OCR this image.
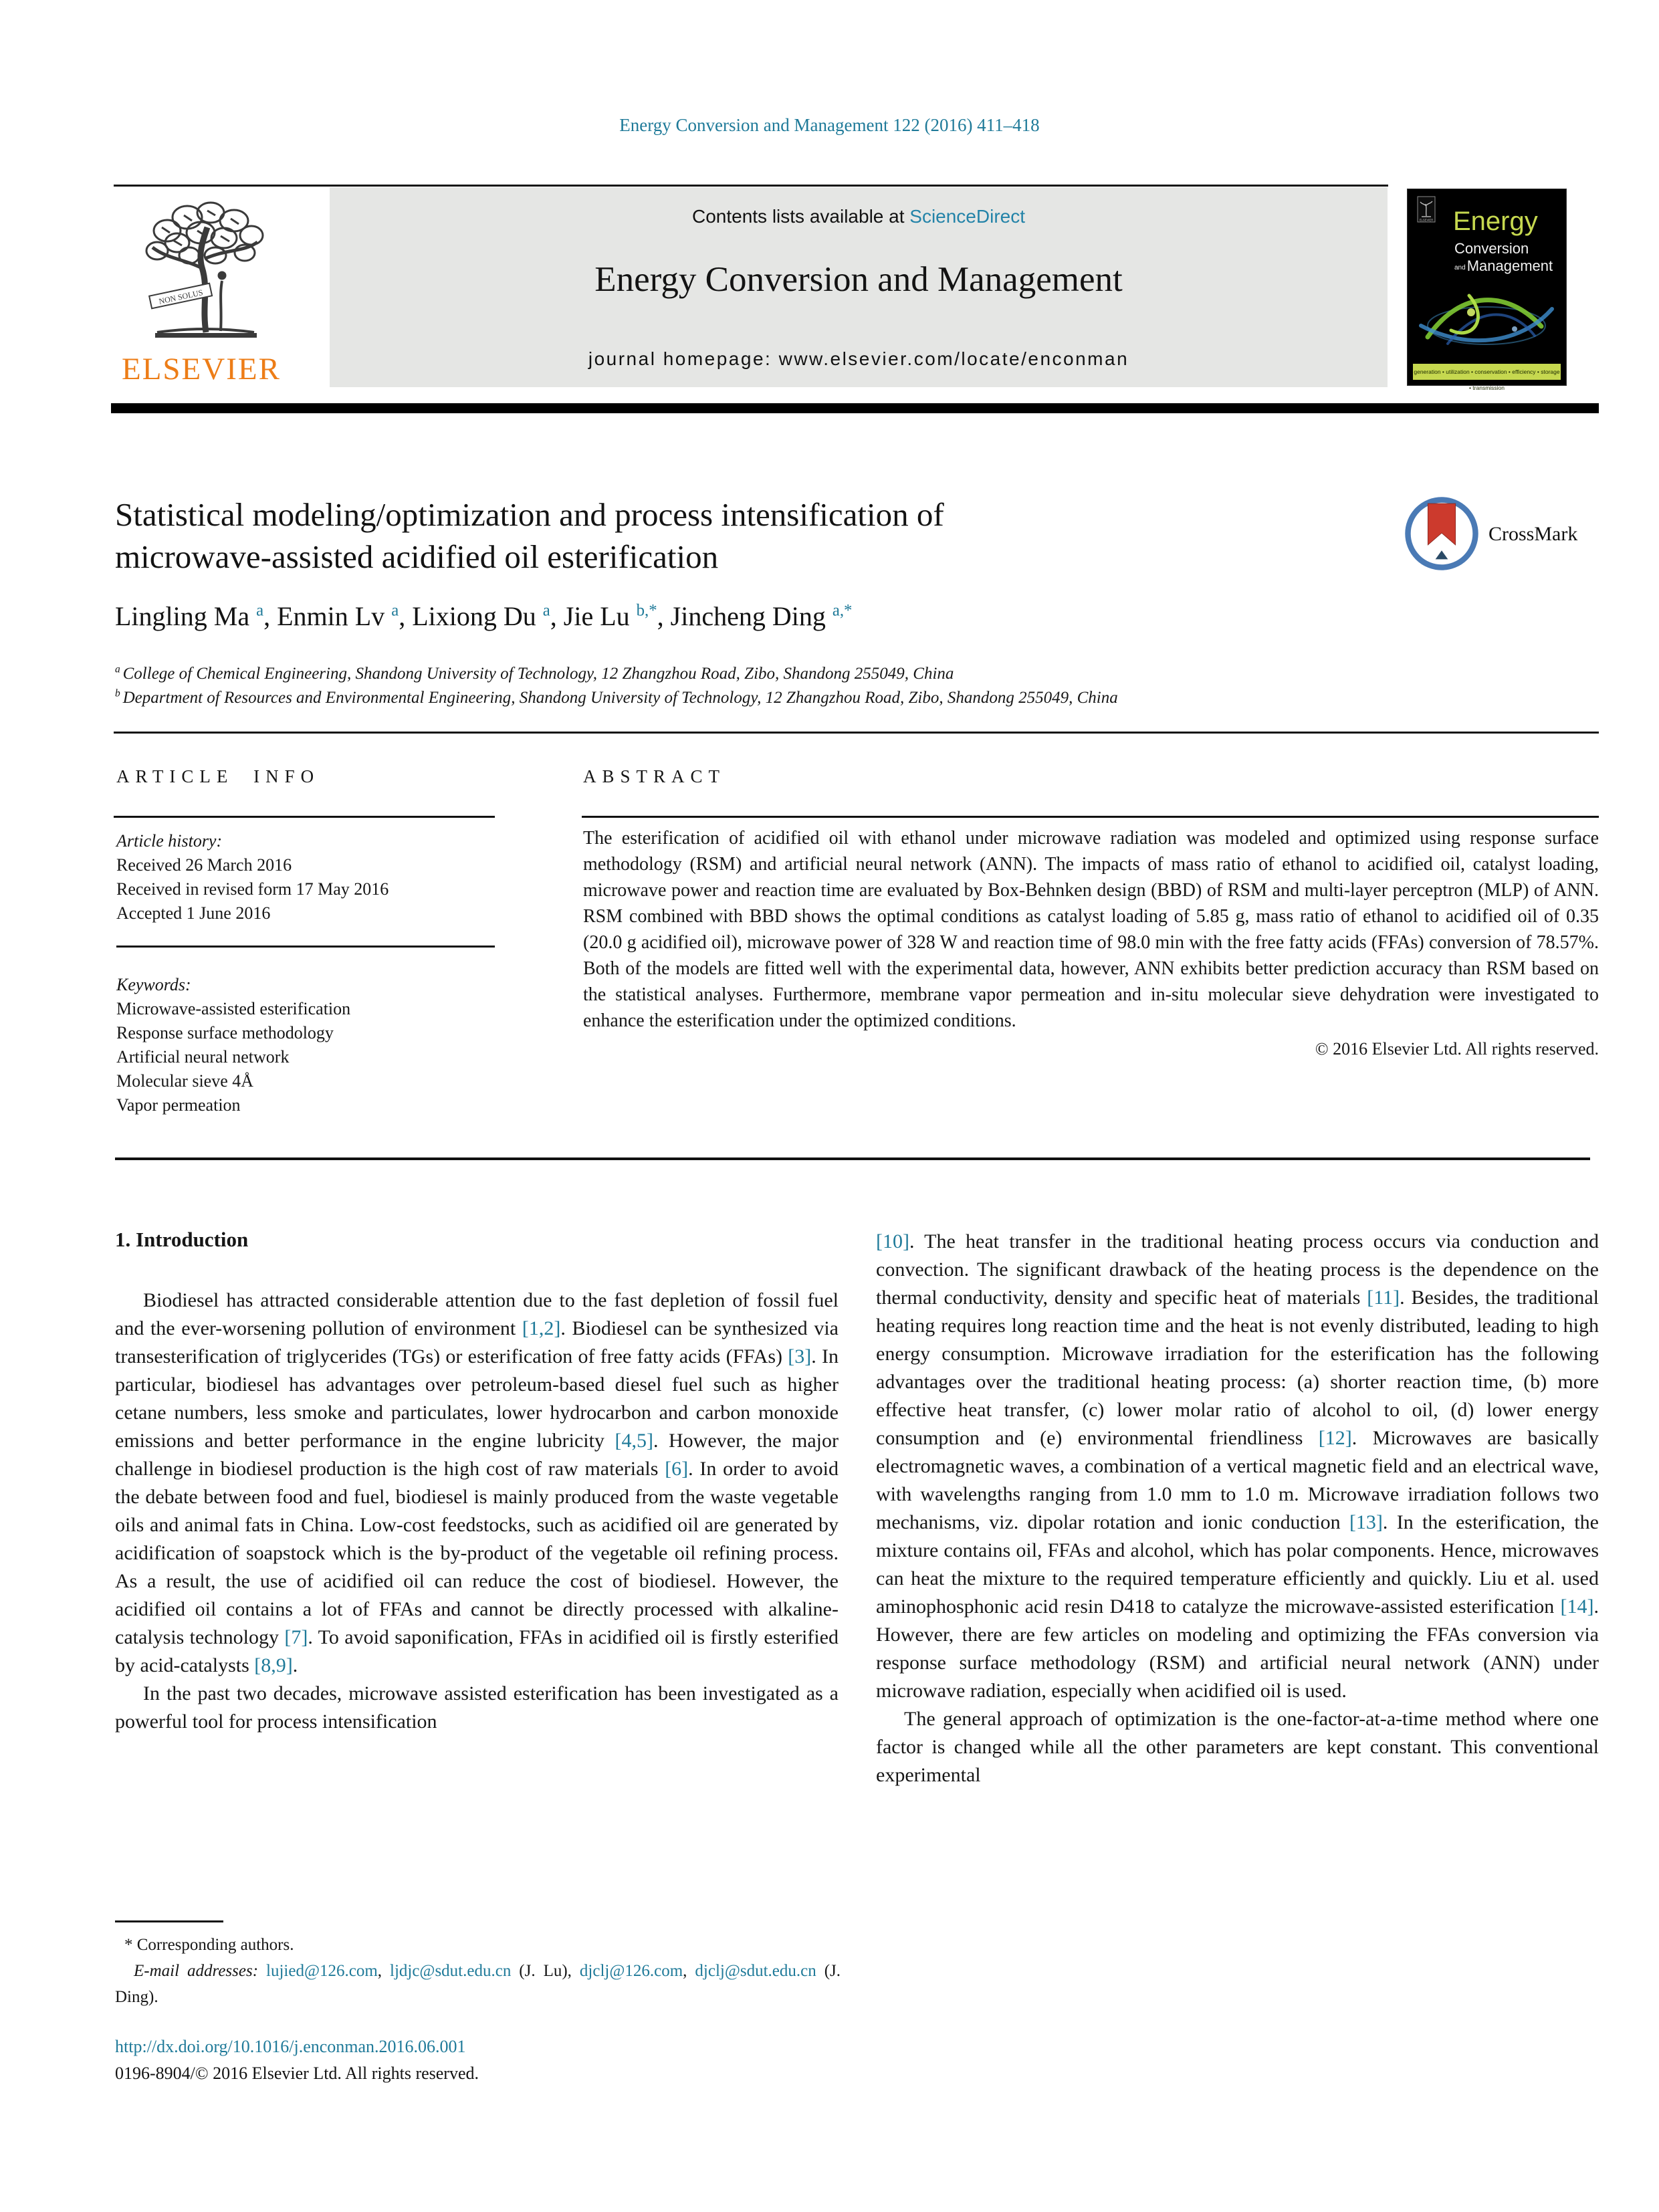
Energy Conversion and Management 122 (2016) 411–418
NON SOLUS
ELSEVIER
Contents lists available at ScienceDirect
Energy Conversion and Management
journal homepage: www.elsevier.com/locate/enconman
ELSEVIER Energy
Conversion
andManagement
generation • utilization • conservation • efficiency • storage • transmission
Statistical modeling/optimization and process intensification of
microwave-assisted acidified oil esterification
CrossMark

Lingling Ma $^a$, Enmin Lv $^a$, Lixiong Du $^a$, Jie Lu $^{b,*}$, Jincheng Ding $^{a,*}$

$^a$ College of Chemical Engineering, Shandong University of Technology, 12 Zhangzhou Road, Zibo, Shandong 255049, China

$^b$ Department of Resources and Environmental Engineering, Shandong University of Technology, 12 Zhangzhou Road, Zibo, Shandong 255049, China

ARTICLE INFO	ABSTRACT

Article history:

Received 26 March 2016
Received in revised form 17 May 2016
Accepted 1 June 2016

Keywords:

Microwave-assisted esterification
Response surface methodology
Artificial neural network
Molecular sieve 4Å
Vapor permeation

The esterification of acidified oil with ethanol under microwave radiation was modeled and optimized using response surface methodology (RSM) and artificial neural network (ANN). The impacts of mass ratio of ethanol to acidified oil, catalyst loading, microwave power and reaction time are evaluated by Box-Behnken design (BBD) of RSM and multi-layer perceptron (MLP) of ANN. RSM combined with BBD shows the optimal conditions as catalyst loading of 5.85 g, mass ratio of ethanol to acidified oil of 0.35 (20.0 g acidified oil), microwave power of 328 W and reaction time of 98.0 min with the free fatty acids (FFAs) conversion of 78.57%. Both of the models are fitted well with the experimental data, however, ANN exhibits better prediction accuracy than RSM based on the statistical analyses. Furthermore, membrane vapor permeation and in-situ molecular sieve dehydration were investigated to enhance the esterification under the optimized conditions.

© 2016 Elsevier Ltd. All rights reserved.

1. Introduction

Biodiesel has attracted considerable attention due to the fast depletion of fossil fuel and the ever-worsening pollution of environment [1,2]. Biodiesel can be synthesized via transesterification of triglycerides (TGs) or esterification of free fatty acids (FFAs) [3]. In particular, biodiesel has advantages over petroleum-based diesel fuel such as higher cetane numbers, less smoke and particulates, lower hydrocarbon and carbon monoxide emissions and better performance in the engine lubricity [4,5]. However, the major challenge in biodiesel production is the high cost of raw materials [6]. In order to avoid the debate between food and fuel, biodiesel is mainly produced from the waste vegetable oils and animal fats in China. Low-cost feedstocks, such as acidified oil are generated by acidification of soapstock which is the by-product of the vegetable oil refining process. As a result, the use of acidified oil can reduce the cost of biodiesel. However, the acidified oil contains a lot of FFAs and cannot be directly processed with alkaline-catalysis technology [7]. To avoid saponification, FFAs in acidified oil is firstly esterified by acid-catalysts [8,9].

In the past two decades, microwave assisted esterification has been investigated as a powerful tool for process intensification

[10]. The heat transfer in the traditional heating process occurs via conduction and convection. The significant drawback of the heating process is the dependence on the thermal conductivity, density and specific heat of materials [11]. Besides, the traditional heating requires long reaction time and the heat is not evenly distributed, leading to high energy consumption. Microwave irradiation for the esterification has the following advantages over the traditional heating process: (a) shorter reaction time, (b) more effective heat transfer, (c) lower molar ratio of alcohol to oil, (d) lower energy consumption and (e) environmental friendliness [12]. Microwaves are basically electromagnetic waves, a combination of a vertical magnetic field and an electrical wave, with wavelengths ranging from 1.0 mm to 1.0 m. Microwave irradiation follows two mechanisms, viz. dipolar rotation and ionic conduction [13]. In the esterification, the mixture contains oil, FFAs and alcohol, which has polar components. Hence, microwaves can heat the mixture to the required temperature efficiently and quickly. Liu et al. used aminophosphonic acid resin D418 to catalyze the microwave-assisted esterification [14]. However, there are few articles on modeling and optimizing the FFAs conversion via response surface methodology (RSM) and artificial neural network (ANN) under microwave radiation, especially when acidified oil is used.

The general approach of optimization is the one-factor-at-a-time method where one factor is changed while all the other parameters are kept constant. This conventional experimental

* Corresponding authors.

E-mail addresses: lujied@126.com, ljdjc@sdut.edu.cn (J. Lu), djclj@126.com, djclj@sdut.edu.cn (J. Ding).

http://dx.doi.org/10.1016/j.enconman.2016.06.001
0196-8904/© 2016 Elsevier Ltd. All rights reserved.
